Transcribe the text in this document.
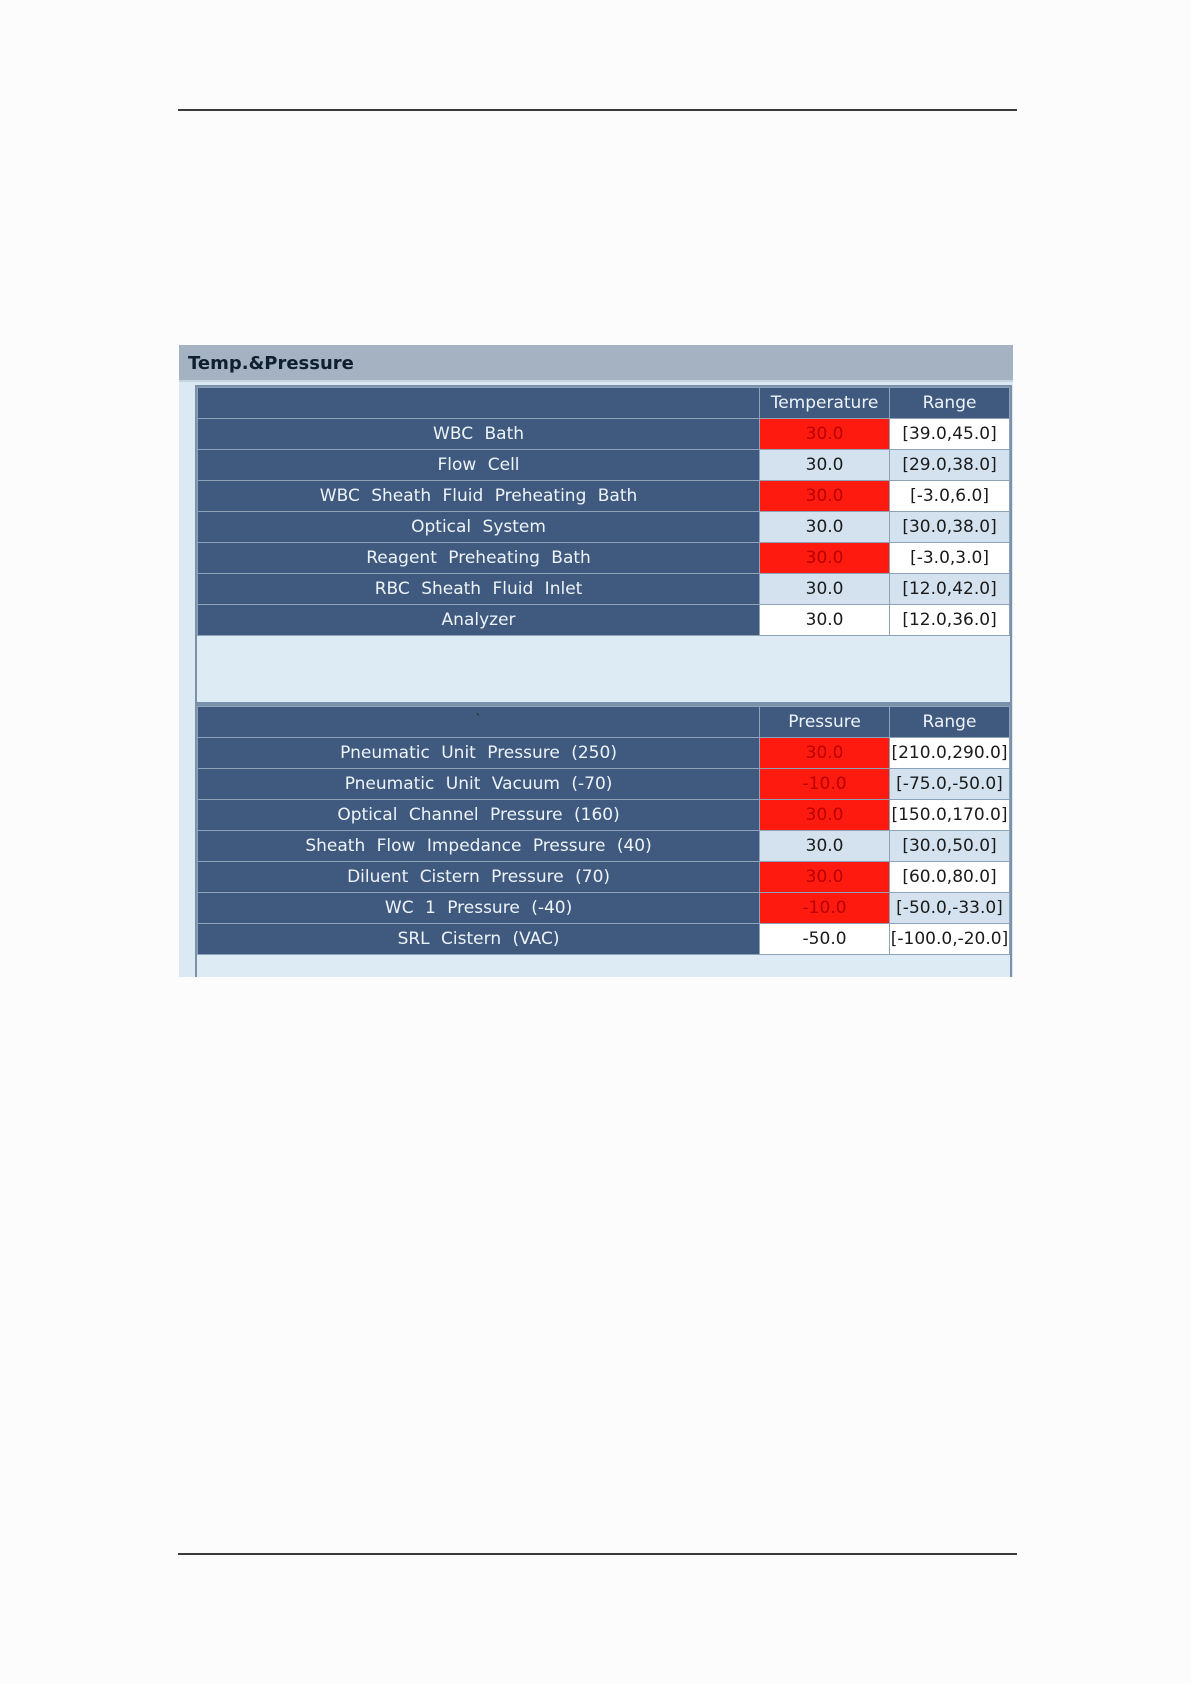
Temp.&Pressure
	Temperature	Range
WBC Bath	30.0	[39.0,45.0]
Flow Cell	30.0	[29.0,38.0]
WBC Sheath Fluid Preheating Bath	30.0	[-3.0,6.0]
Optical System	30.0	[30.0,38.0]
Reagent Preheating Bath	30.0	[-3.0,3.0]
RBC Sheath Fluid Inlet	30.0	[12.0,42.0]
Analyzer	30.0	[12.0,36.0]
`	Pressure	Range
Pneumatic Unit Pressure (250)	30.0	[210.0,290.0]
Pneumatic Unit Vacuum (-70)	-10.0	[-75.0,-50.0]
Optical Channel Pressure (160)	30.0	[150.0,170.0]
Sheath Flow Impedance Pressure (40)	30.0	[30.0,50.0]
Diluent Cistern Pressure (70)	30.0	[60.0,80.0]
WC 1 Pressure (-40)	-10.0	[-50.0,-33.0]
SRL Cistern (VAC)	-50.0	[-100.0,-20.0]
